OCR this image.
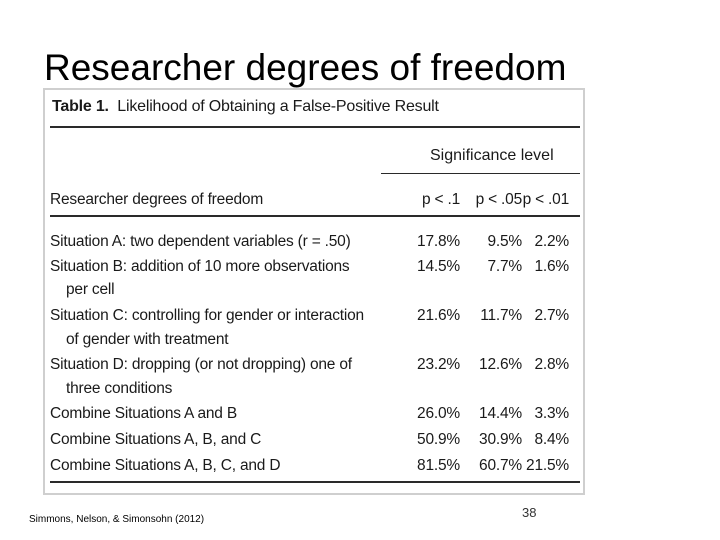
Researcher degrees of freedom
Table 1. Likelihood of Obtaining a False-Positive Result
Significance level
Researcher degrees of freedom	p < .1 p < .05 p < .01
Situation A: two dependent variables (r = .50)	17.8% 9.5% 2.2%
Situation B: addition of 10 more observations
per cell
14.5% 7.7% 1.6%
Situation C: controlling for gender or interaction
of gender with treatment
21.6% 11.7% 2.7%
Situation D: dropping (or not dropping) one of
three conditions
23.2% 12.6% 2.8%
Combine Situations A and B	26.0% 14.4% 3.3%
Combine Situations A, B, and C	50.9% 30.9% 8.4%
Combine Situations A, B, C, and D	81.5% 60.7% 21.5%
Simmons, Nelson, & Simonsohn (2012)	38
